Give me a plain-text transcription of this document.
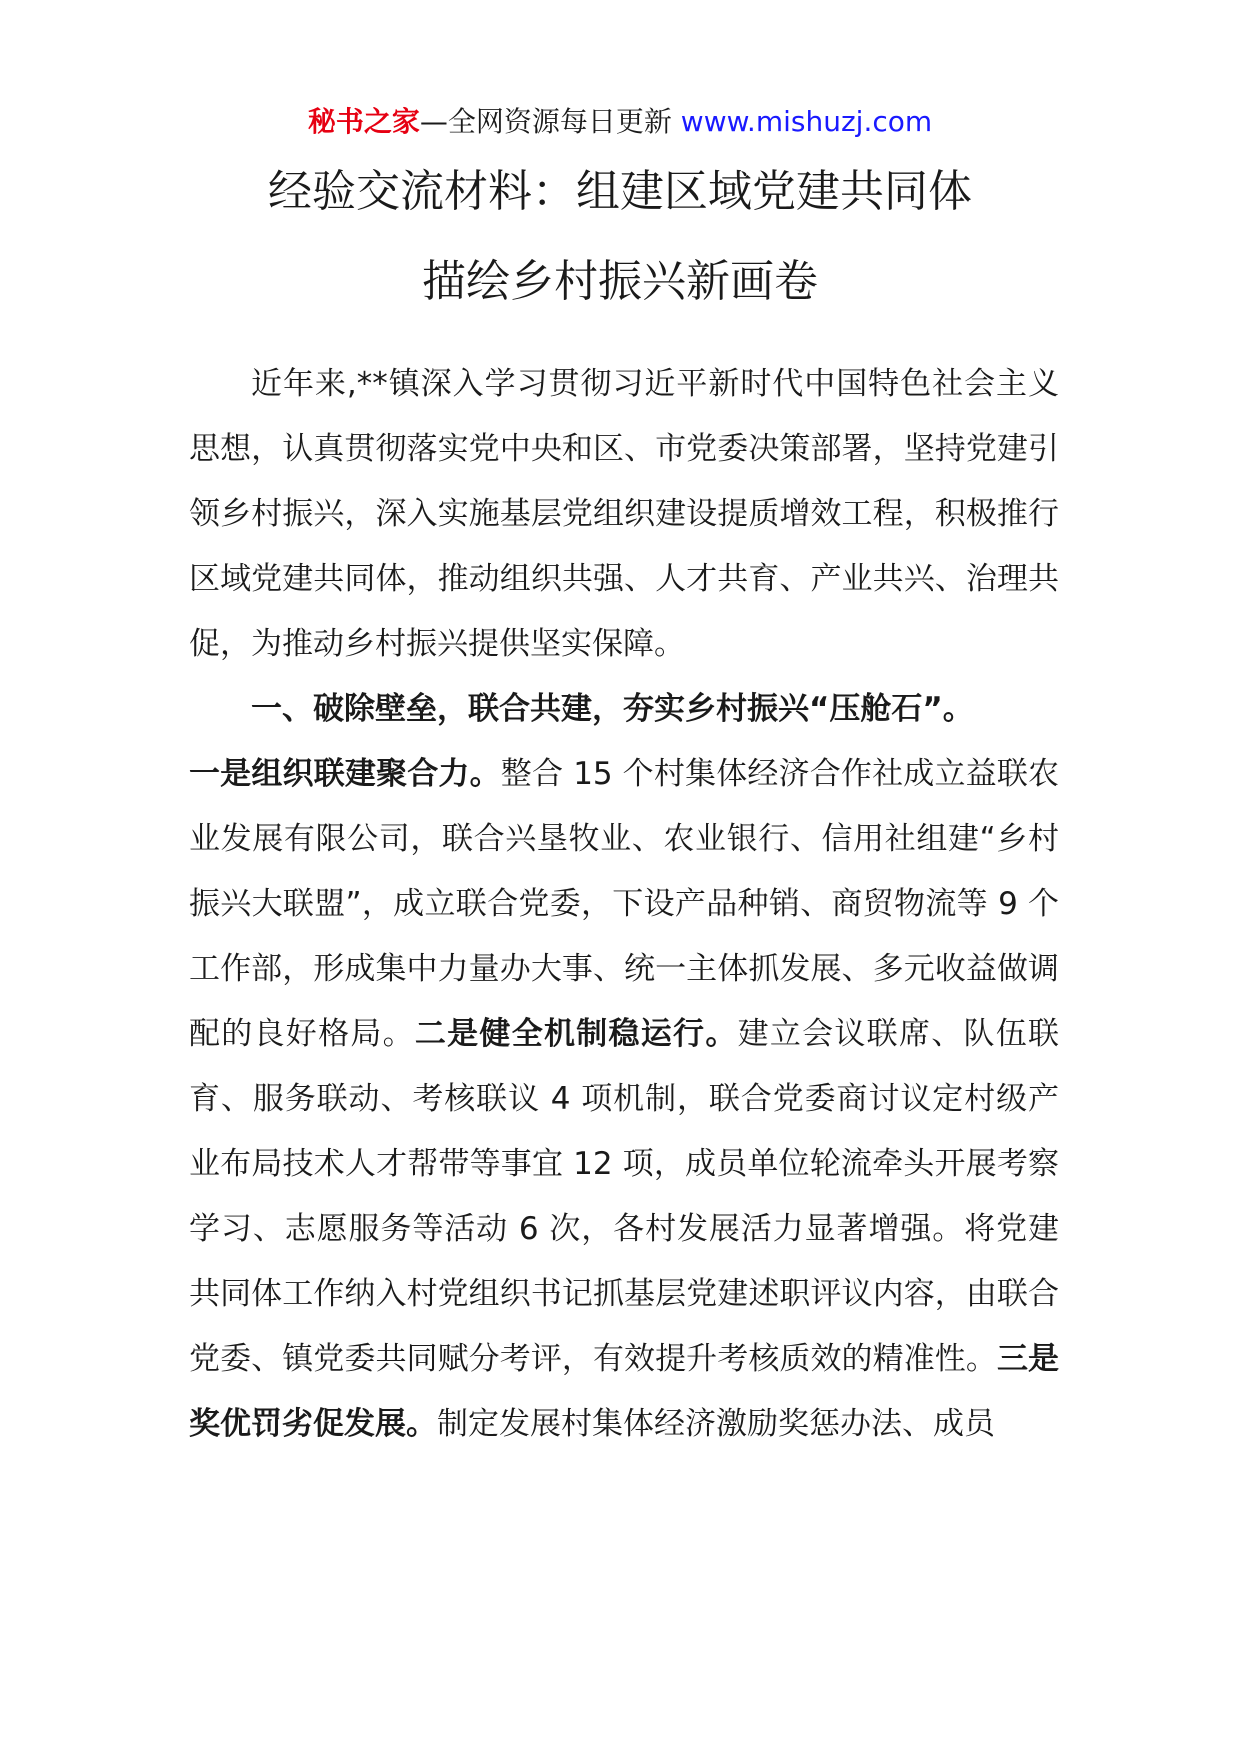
秘书之家—全网资源每日更新 www.mishuzj.com
经验交流材料：组建区域党建共同体
描绘乡村振兴新画卷

近年来,**镇深入学习贯彻习近平新时代中国特色社会主义思想，认真贯彻落实党中央和区、市党委决策部署，坚持党建引领乡村振兴，深入实施基层党组织建设提质增效工程，积极推行区域党建共同体，推动组织共强、人才共育、产业共兴、治理共促，为推动乡村振兴提供坚实保障。

一、破除壁垒，联合共建，夯实乡村振兴“压舱石”。

一是组织联建聚合力。整合 15 个村集体经济合作社成立益联农业发展有限公司，联合兴垦牧业、农业银行、信用社组建“乡村振兴大联盟”，成立联合党委，下设产品种销、商贸物流等 9 个工作部，形成集中力量办大事、统一主体抓发展、多元收益做调配的良好格局。二是健全机制稳运行。建立会议联席、队伍联育、服务联动、考核联议 4 项机制，联合党委商讨议定村级产业布局技术人才帮带等事宜 12 项，成员单位轮流牵头开展考察学习、志愿服务等活动 6 次，各村发展活力显著增强。将党建共同体工作纳入村党组织书记抓基层党建述职评议内容，由联合党委、镇党委共同赋分考评，有效提升考核质效的精准性。三是奖优罚劣促发展。制定发展村集体经济激励奖惩办法、成员
